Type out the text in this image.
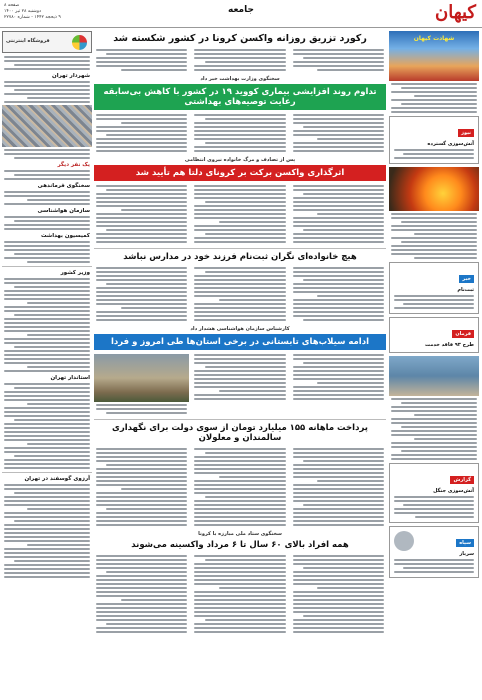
کیهان
جامعه
صفحه ۸
دوشنبه ۲۸ تیر ۱۴۰۰
۹ ذیحجه ۱۴۴۲ - شماره ۲۲۷۸۰
شهادت کیهان
نیوز
آتش‌سوزی گسترده
خبر
ثبت‌نام
فرمان
طرح ۹۳ فاقد خدمت
گزارش
آتش‌سوزی جنگل
سپاه
سرباز
رکورد تزریق روزانه واکسن کرونا در کشور شکسته شد
سخنگوی وزارت بهداشت خبر داد
تداوم روند افزایشی بیماری کووید ۱۹ در کشور با کاهش بی‌سابقه رعایت توصیه‌های بهداشتی
پس از تصادف و مرگ خانواده نیروی انتظامی
اثرگذاری واکسن برکت بر کرونای دلتا هم تأیید شد
هیچ خانواده‌ای نگران ثبت‌نام فرزند خود در مدارس نباشد
کارشناس سازمان هواشناسی هشدار داد
ادامه سیلاب‌های تابستانی در برخی استان‌ها طی امروز و فردا
پرداخت ماهانه ۱۵۵ میلیارد تومان از سوی دولت برای نگهداری سالمندان و معلولان
سخنگوی ستاد ملی مبارزه با کرونا
همه افراد بالای ۶۰ سال تا ۶ مرداد واکسینه می‌شوند
فروشگاه اینترنتی
شهردار تهران
یک نفر دیگر
سخنگوی فرماندهی
سازمان هواشناسی
کمیسیون بهداشت
وزیر کشور
استاندار تهران
آرزوی گوسفند در تهران
